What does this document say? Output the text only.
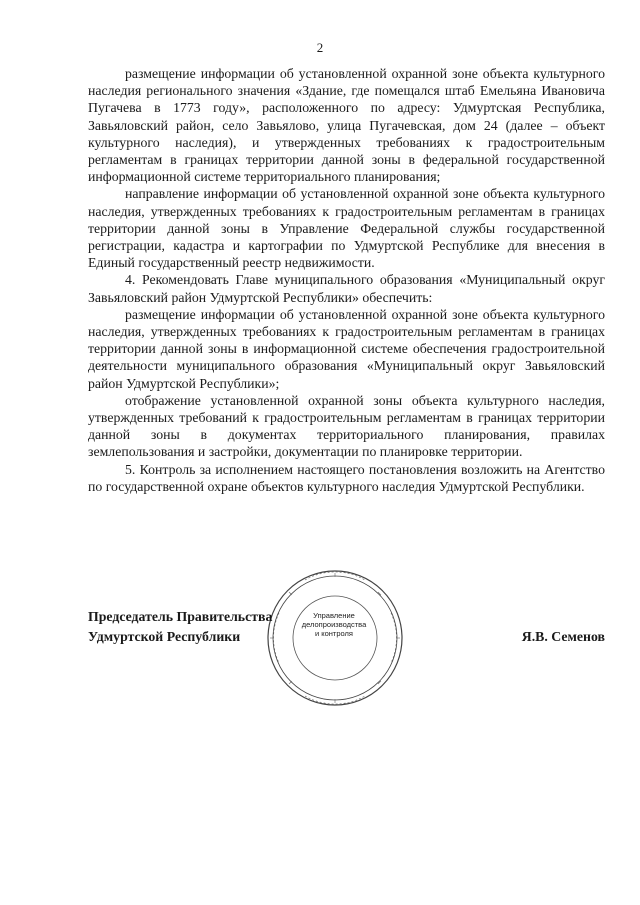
2

размещение информации об установленной охранной зоне объекта культурного наследия регионального значения «Здание, где помещался штаб Емельяна Ивановича Пугачева в 1773 году», расположенного по адресу: Удмуртская Республика, Завьяловский район, село Завьялово, улица Пугачевская, дом 24 (далее – объект культурного наследия), и утвержденных требованиях к градостроительным регламентам в границах территории данной зоны в федеральной государственной информационной системе территориального планирования;

направление информации об установленной охранной зоне объекта культурного наследия, утвержденных требованиях к градостроительным регламентам в границах территории данной зоны в Управление Федеральной службы государственной регистрации, кадастра и картографии по Удмуртской Республике для внесения в Единый государственный реестр недвижимости.

4. Рекомендовать Главе муниципального образования «Муниципальный округ Завьяловский район Удмуртской Республики» обеспечить:

размещение информации об установленной охранной зоне объекта культурного наследия, утвержденных требованиях к градостроительным регламентам в границах территории данной зоны в информационной системе обеспечения градостроительной деятельности муниципального образования «Муниципальный округ Завьяловский район Удмуртской Республики»;

отображение установленной охранной зоны объекта культурного наследия, утвержденных требований к градостроительным регламентам в границах территории данной зоны в документах территориального планирования, правилах землепользования и застройки, документации по планировке территории.

5. Контроль за исполнением настоящего постановления возложить на Агентство по государственной охране объектов культурного наследия Удмуртской Республики.

Управление
делопроизводства
и контроля
Председатель Правительства
Удмуртской Республики	Я.В. Семенов
